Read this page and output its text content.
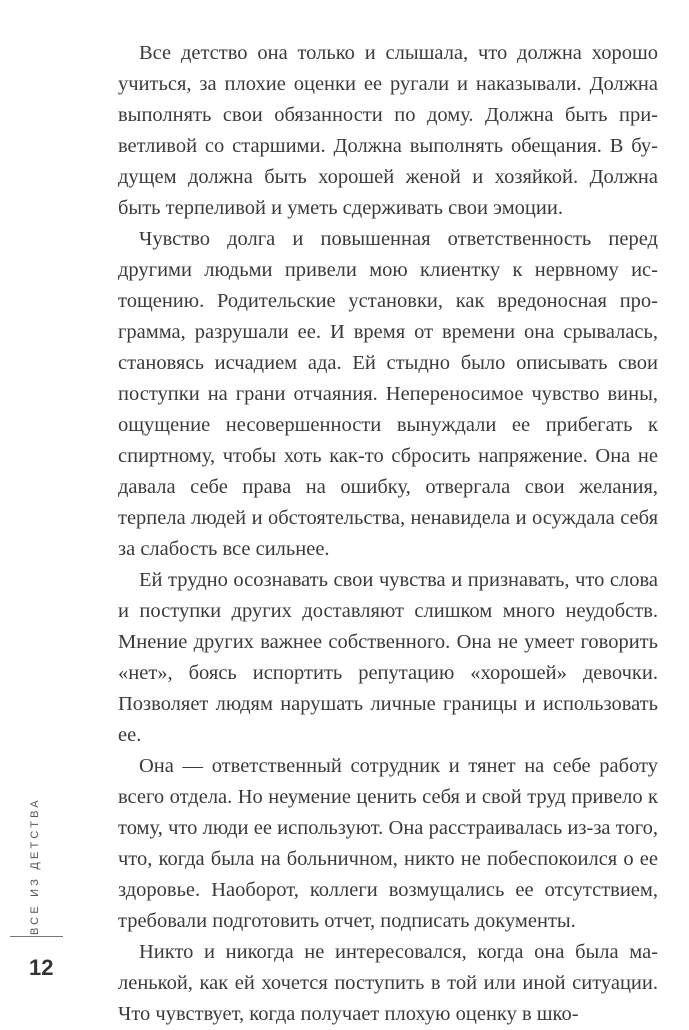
Все детство она только и слышала, что должна хорошо учиться, за плохие оценки ее ругали и наказывали. Должна выполнять свои обязанности по дому. Должна быть приветливой со старшими. Должна выполнять обещания. В будущем должна быть хорошей женой и хозяйкой. Должна быть терпеливой и уметь сдерживать свои эмоции.

Чувство долга и повышенная ответственность перед другими людьми привели мою клиентку к нервному истощению. Родительские установки, как вредоносная программа, разрушали ее. И время от времени она срывалась, становясь исчадием ада. Ей стыдно было описывать свои поступки на грани отчаяния. Непереносимое чувство вины, ощущение несовершенности вынуждали ее прибегать к спиртному, чтобы хоть как-то сбросить напряжение. Она не давала себе права на ошибку, отвергала свои желания, терпела людей и обстоятельства, ненавидела и осуждала себя за слабость все сильнее.

Ей трудно осознавать свои чувства и признавать, что слова и поступки других доставляют слишком много неудобств. Мнение других важнее собственного. Она не умеет говорить «нет», боясь испортить репутацию «хорошей» девочки. Позволяет людям нарушать личные границы и использовать ее.

Она — ответственный сотрудник и тянет на себе работу всего отдела. Но неумение ценить себя и свой труд привело к тому, что люди ее используют. Она расстраивалась из-за того, что, когда была на больничном, никто не побеспокоился о ее здоровье. Наоборот, коллеги возмущались ее отсутствием, требовали подготовить отчет, подписать документы.

Никто и никогда не интересовался, когда она была маленькой, как ей хочется поступить в той или иной ситуации. Что чувствует, когда получает плохую оценку в шко-

ВСЕ ИЗ ДЕТСТВА
12
